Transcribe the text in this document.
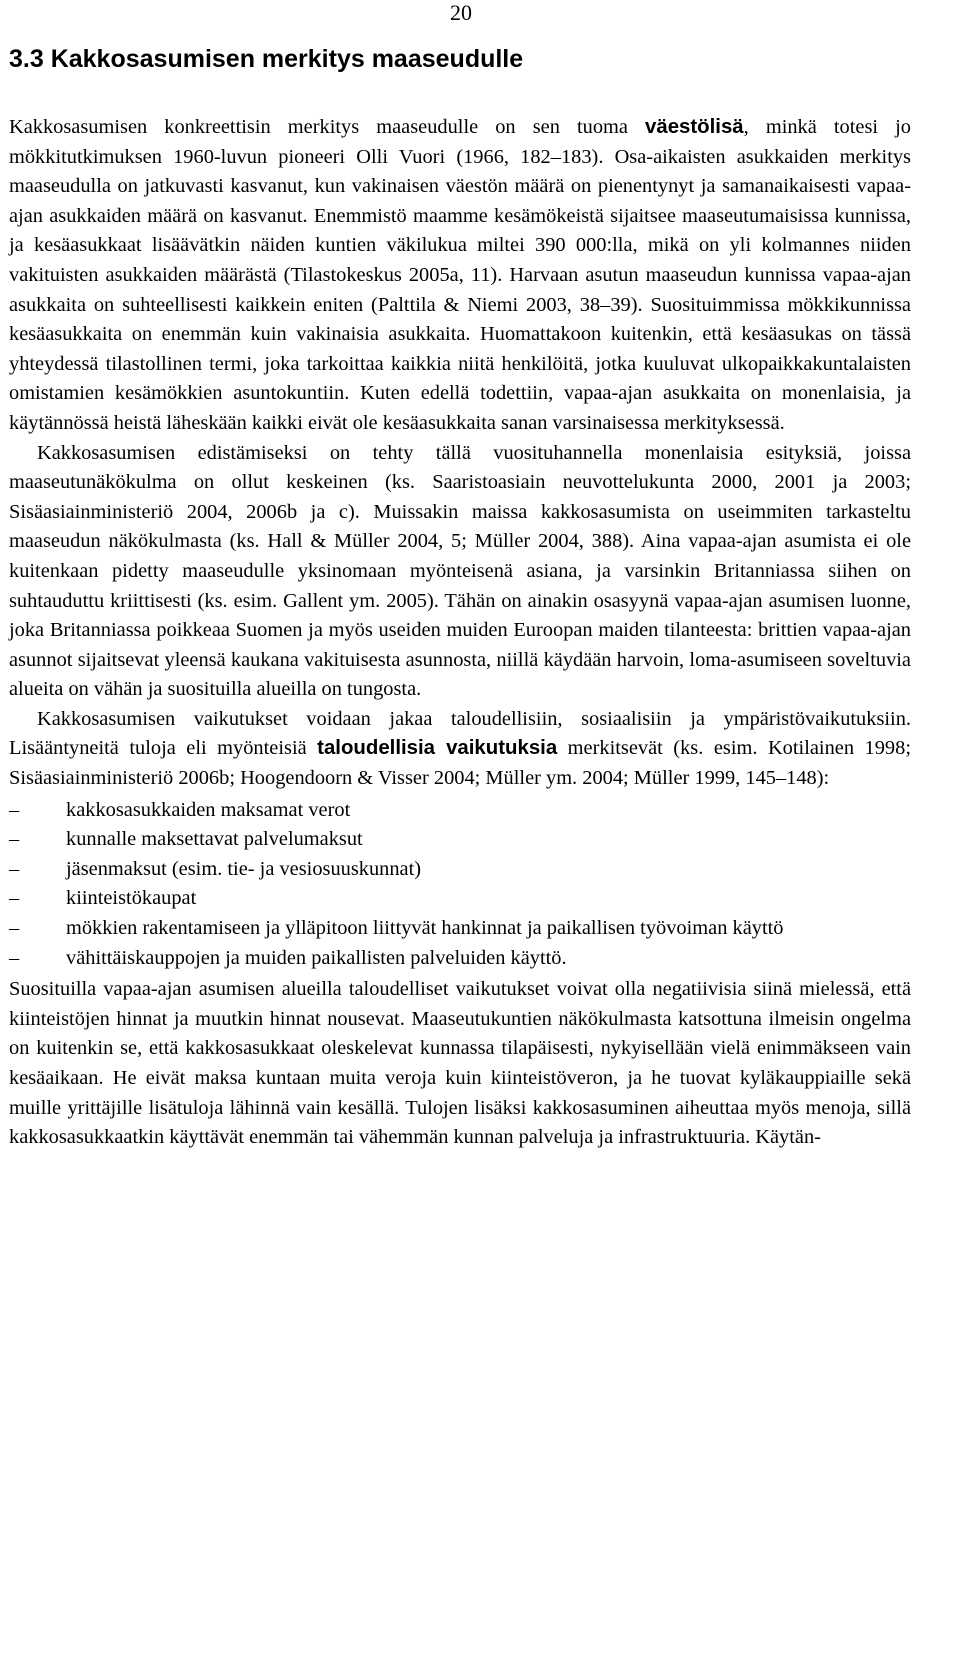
20
3.3 Kakkosasumisen merkitys maaseudulle

Kakkosasumisen konkreettisin merkitys maaseudulle on sen tuoma väestölisä, minkä totesi jo mökkitutkimuksen 1960-luvun pioneeri Olli Vuori (1966, 182–183). Osa-aikaisten asukkaiden merkitys maaseudulla on jatkuvasti kasvanut, kun vakinaisen väestön määrä on pienentynyt ja samanaikaisesti vapaa-ajan asukkaiden määrä on kasvanut. Enemmistö maamme kesämökeistä sijaitsee maaseutumaisissa kunnissa, ja kesäasukkaat lisäävätkin näiden kuntien väkilukua miltei 390 000:lla, mikä on yli kolmannes niiden vakituisten asukkaiden määrästä (Tilastokeskus 2005a, 11). Harvaan asutun maaseudun kunnissa vapaa-ajan asukkaita on suhteellisesti kaikkein eniten (Palttila & Niemi 2003, 38–39). Suosituimmissa mökkikunnissa kesäasukkaita on enemmän kuin vakinaisia asukkaita. Huomattakoon kuitenkin, että kesäasukas on tässä yhteydessä tilastollinen termi, joka tarkoittaa kaikkia niitä henkilöitä, jotka kuuluvat ulkopaikkakuntalaisten omistamien kesämökkien asuntokuntiin. Kuten edellä todettiin, vapaa-ajan asukkaita on monenlaisia, ja käytännössä heistä läheskään kaikki eivät ole kesäasukkaita sanan varsinaisessa merkityksessä.

Kakkosasumisen edistämiseksi on tehty tällä vuosituhannella monenlaisia esityksiä, joissa maaseutunäkökulma on ollut keskeinen (ks. Saaristoasiain neuvottelukunta 2000, 2001 ja 2003; Sisäasiainministeriö 2004, 2006b ja c). Muissakin maissa kakkosasumista on useimmiten tarkasteltu maaseudun näkökulmasta (ks. Hall & Müller 2004, 5; Müller 2004, 388). Aina vapaa-ajan asumista ei ole kuitenkaan pidetty maaseudulle yksinomaan myönteisenä asiana, ja varsinkin Britanniassa siihen on suhtauduttu kriittisesti (ks. esim. Gallent ym. 2005). Tähän on ainakin osasyynä vapaa-ajan asumisen luonne, joka Britanniassa poikkeaa Suomen ja myös useiden muiden Euroopan maiden tilanteesta: brittien vapaa-ajan asunnot sijaitsevat yleensä kaukana vakituisesta asunnosta, niillä käydään harvoin, loma-asumiseen soveltuvia alueita on vähän ja suosituilla alueilla on tungosta.

Kakkosasumisen vaikutukset voidaan jakaa taloudellisiin, sosiaalisiin ja ympäristövaikutuksiin. Lisääntyneitä tuloja eli myönteisiä taloudellisia vaikutuksia merkitsevät (ks. esim. Kotilainen 1998; Sisäasiainministeriö 2006b; Hoogendoorn & Visser 2004; Müller ym. 2004; Müller 1999, 145–148):

–	kakkosasukkaiden maksamat verot
–	kunnalle maksettavat palvelumaksut
–	jäsenmaksut (esim. tie- ja vesiosuuskunnat)
–	kiinteistökaupat
–	mökkien rakentamiseen ja ylläpitoon liittyvät hankinnat ja paikallisen työvoiman käyttö
–	vähittäiskauppojen ja muiden paikallisten palveluiden käyttö.

Suosituilla vapaa-ajan asumisen alueilla taloudelliset vaikutukset voivat olla negatiivisia siinä mielessä, että kiinteistöjen hinnat ja muutkin hinnat nousevat. Maaseutukuntien näkökulmasta katsottuna ilmeisin ongelma on kuitenkin se, että kakkosasukkaat oleskelevat kunnassa tilapäisesti, nykyisellään vielä enimmäkseen vain kesäaikaan. He eivät maksa kuntaan muita veroja kuin kiinteistöveron, ja he tuovat kyläkauppiaille sekä muille yrittäjille lisätuloja lähinnä vain kesällä. Tulojen lisäksi kakkosasuminen aiheuttaa myös menoja, sillä kakkosasukkaatkin käyttävät enemmän tai vähemmän kunnan palveluja ja infrastruktuuria. Käytän-
